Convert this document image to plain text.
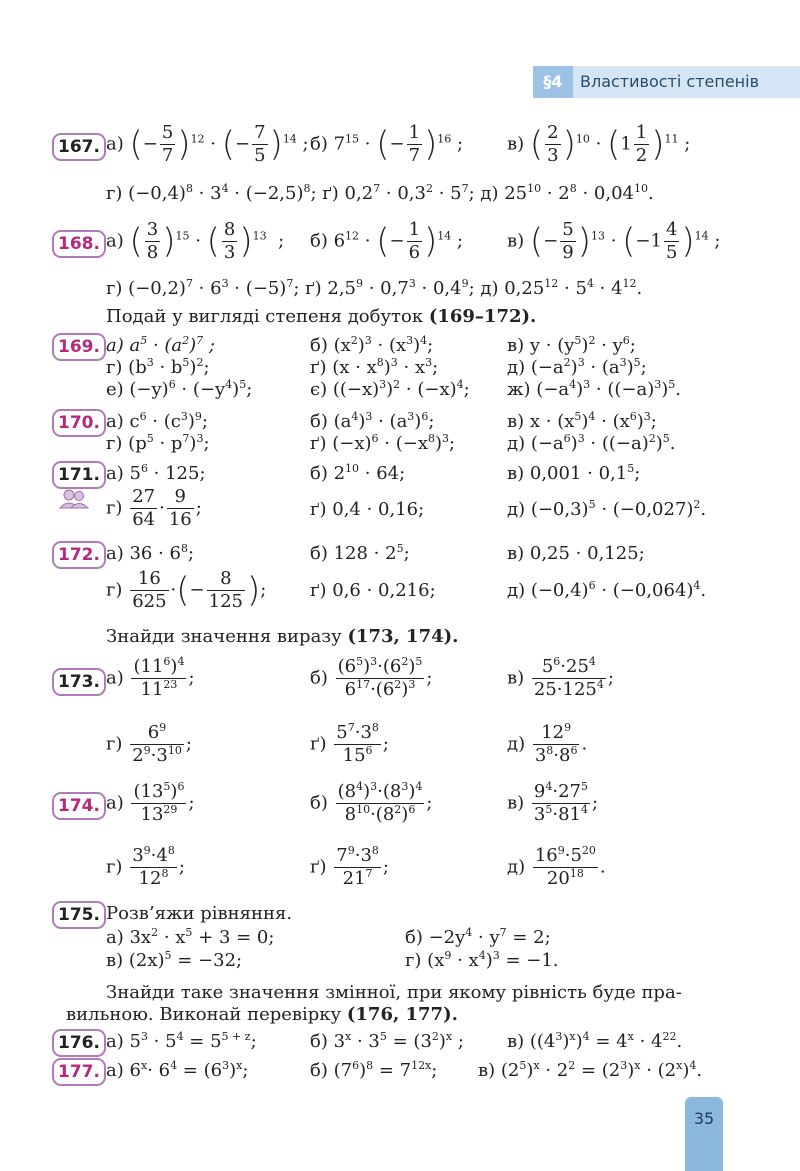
§4	Властивості степенів
167. а) (− $\frac{5}{7} )^{12}$ · (− $\frac{7}{5} )^{14}$ ; б) $7^{15}$ · (− $\frac{1}{7} )^{16}$ ; в) ( $\frac{2}{3} )^{10} \cdot (1 \frac{1}{2} )^{11}$ ;
г) $(-0,4)^8 \cdot 3^4 \cdot (-2,5)^8$; ґ) $0,2^7 \cdot 0,3^2 \cdot 5^7$; д) $25^{10} \cdot 2^8 \cdot 0,04^{10}$.
168. а) ( $\frac{3}{8} )^{15}$ · ( $\frac{8}{3} )^{13}$  ; б) $6^{12}$ · (− $\frac{1}{6} )^{14}$ ; в) (− $\frac{5}{9} )^{13} \cdot (-1 \frac{4}{5} )^{14}$ ;
г) $(-0,2)^7 \cdot 6^3 \cdot (-5)^7$; ґ) $2,5^9 \cdot 0,7^3 \cdot 0,4^9$; д) $0,25^{12} \cdot 5^4 \cdot 4^{12}$.
Подай у вигляді степеня добуток (169–172).
169. а) $a^5 \cdot (a^2)^7$ ;	б) $(x^2)^3 \cdot (x^3)^4$;	в) $y \cdot (y^5)^2 \cdot y^6$;
г) $(b^3 \cdot b^5)^2$;	ґ) $(x \cdot x^8)^3 \cdot x^3$;	д) $(-a^2)^3 \cdot (a^3)^5$;
е) $(-y)^6 \cdot (-y^4)^5$;	є) $((-x)^3)^2 \cdot (-x)^4$; ж) $(-a^4)^3 \cdot ((-a)^3)^5$.
170. а) $c^6 \cdot (c^3)^9$;	б) $(a^4)^3 \cdot (a^3)^6$;	в) $x \cdot (x^5)^4 \cdot (x^6)^3$;
г) $(p^5 \cdot p^7)^3$;	ґ) $(-x)^6 \cdot (-x^8)^3$;	д) $(-a^6)^3 \cdot ((-a)^2)^5$.
171. а) $5^6 \cdot 125$;	б) $2^{10} \cdot 64$;	в) $0,001 \cdot 0,1^5$;
$г) \frac{27}{64} \cdot \frac{9}{16}$ ;	ґ) 0,4 · 0,16;	д) $(-0,3)^5 \cdot (-0,027)^2$.
172. а) $36 \cdot 6^8$;	б) $128 \cdot 2^5$;	в) 0,25 · 0,125;
$г) \frac{16}{625}$ ·(− $\frac{8}{125}$ ); ґ) 0,6 · 0,216;	д) $(-0,4)^6 \cdot (-0,064)^4$.
Знайди значення виразу (173, 174).
173. $а) \frac{(11^6)^4}{11^{23}}$ ;	$б) \frac{(6^5)^3\cdot(6^2)^5}{6^{17}\cdot(6^2)^3}$ ;	$в) \frac{5^6\cdot 25^4}{25\cdot 125^4}$ ;
$г) \frac{6^9}{2^9\cdot 3^{10}}$ ;	$ґ) \frac{5^7\cdot 3^8}{15^6}$ ;	$д) \frac{12^9}{3^8\cdot 8^6}$ .
174. $а) \frac{(13^5)^6}{13^{29}}$ ;	$б) \frac{(8^4)^3\cdot(8^3)^4}{8^{10}\cdot(8^2)^6}$ ;	$в) \frac{9^4\cdot 27^5}{3^5\cdot 81^4}$ ;
$г) \frac{3^9\cdot 4^8}{12^8}$ ;	$ґ) \frac{7^9\cdot 3^8}{21^7}$ ;	$д) \frac{16^9\cdot 5^{20}}{20^{18}}$ .
175. Розв’яжи рівняння.
а) $3x^2 \cdot x^5 + 3 = 0$;	$б) -2y^4 \cdot y^7 = 2$;
в) $(2x)^5 = -32$;	г) $(x^9 \cdot x^4)^3 = -1$.
Знайди таке значення змінної, при якому рівність буде пра-
вильною. Виконай перевірку (176, 177).
176. а) $5^3 \cdot 5^4 = 5^{5 + z}$;	б) $3^x \cdot 3^5 = (3^2)^x$ ; в) $((4^3)^x)^4 = 4^x \cdot 4^{22}$.
177. а) $6^x\cdot 6^4 = (6^3)^x$;	б) $(7^6)^8 = 7^{12x}$; в) $(2^5)^x \cdot 2^2 = (2^3)^x \cdot (2^x)^4$.
35
